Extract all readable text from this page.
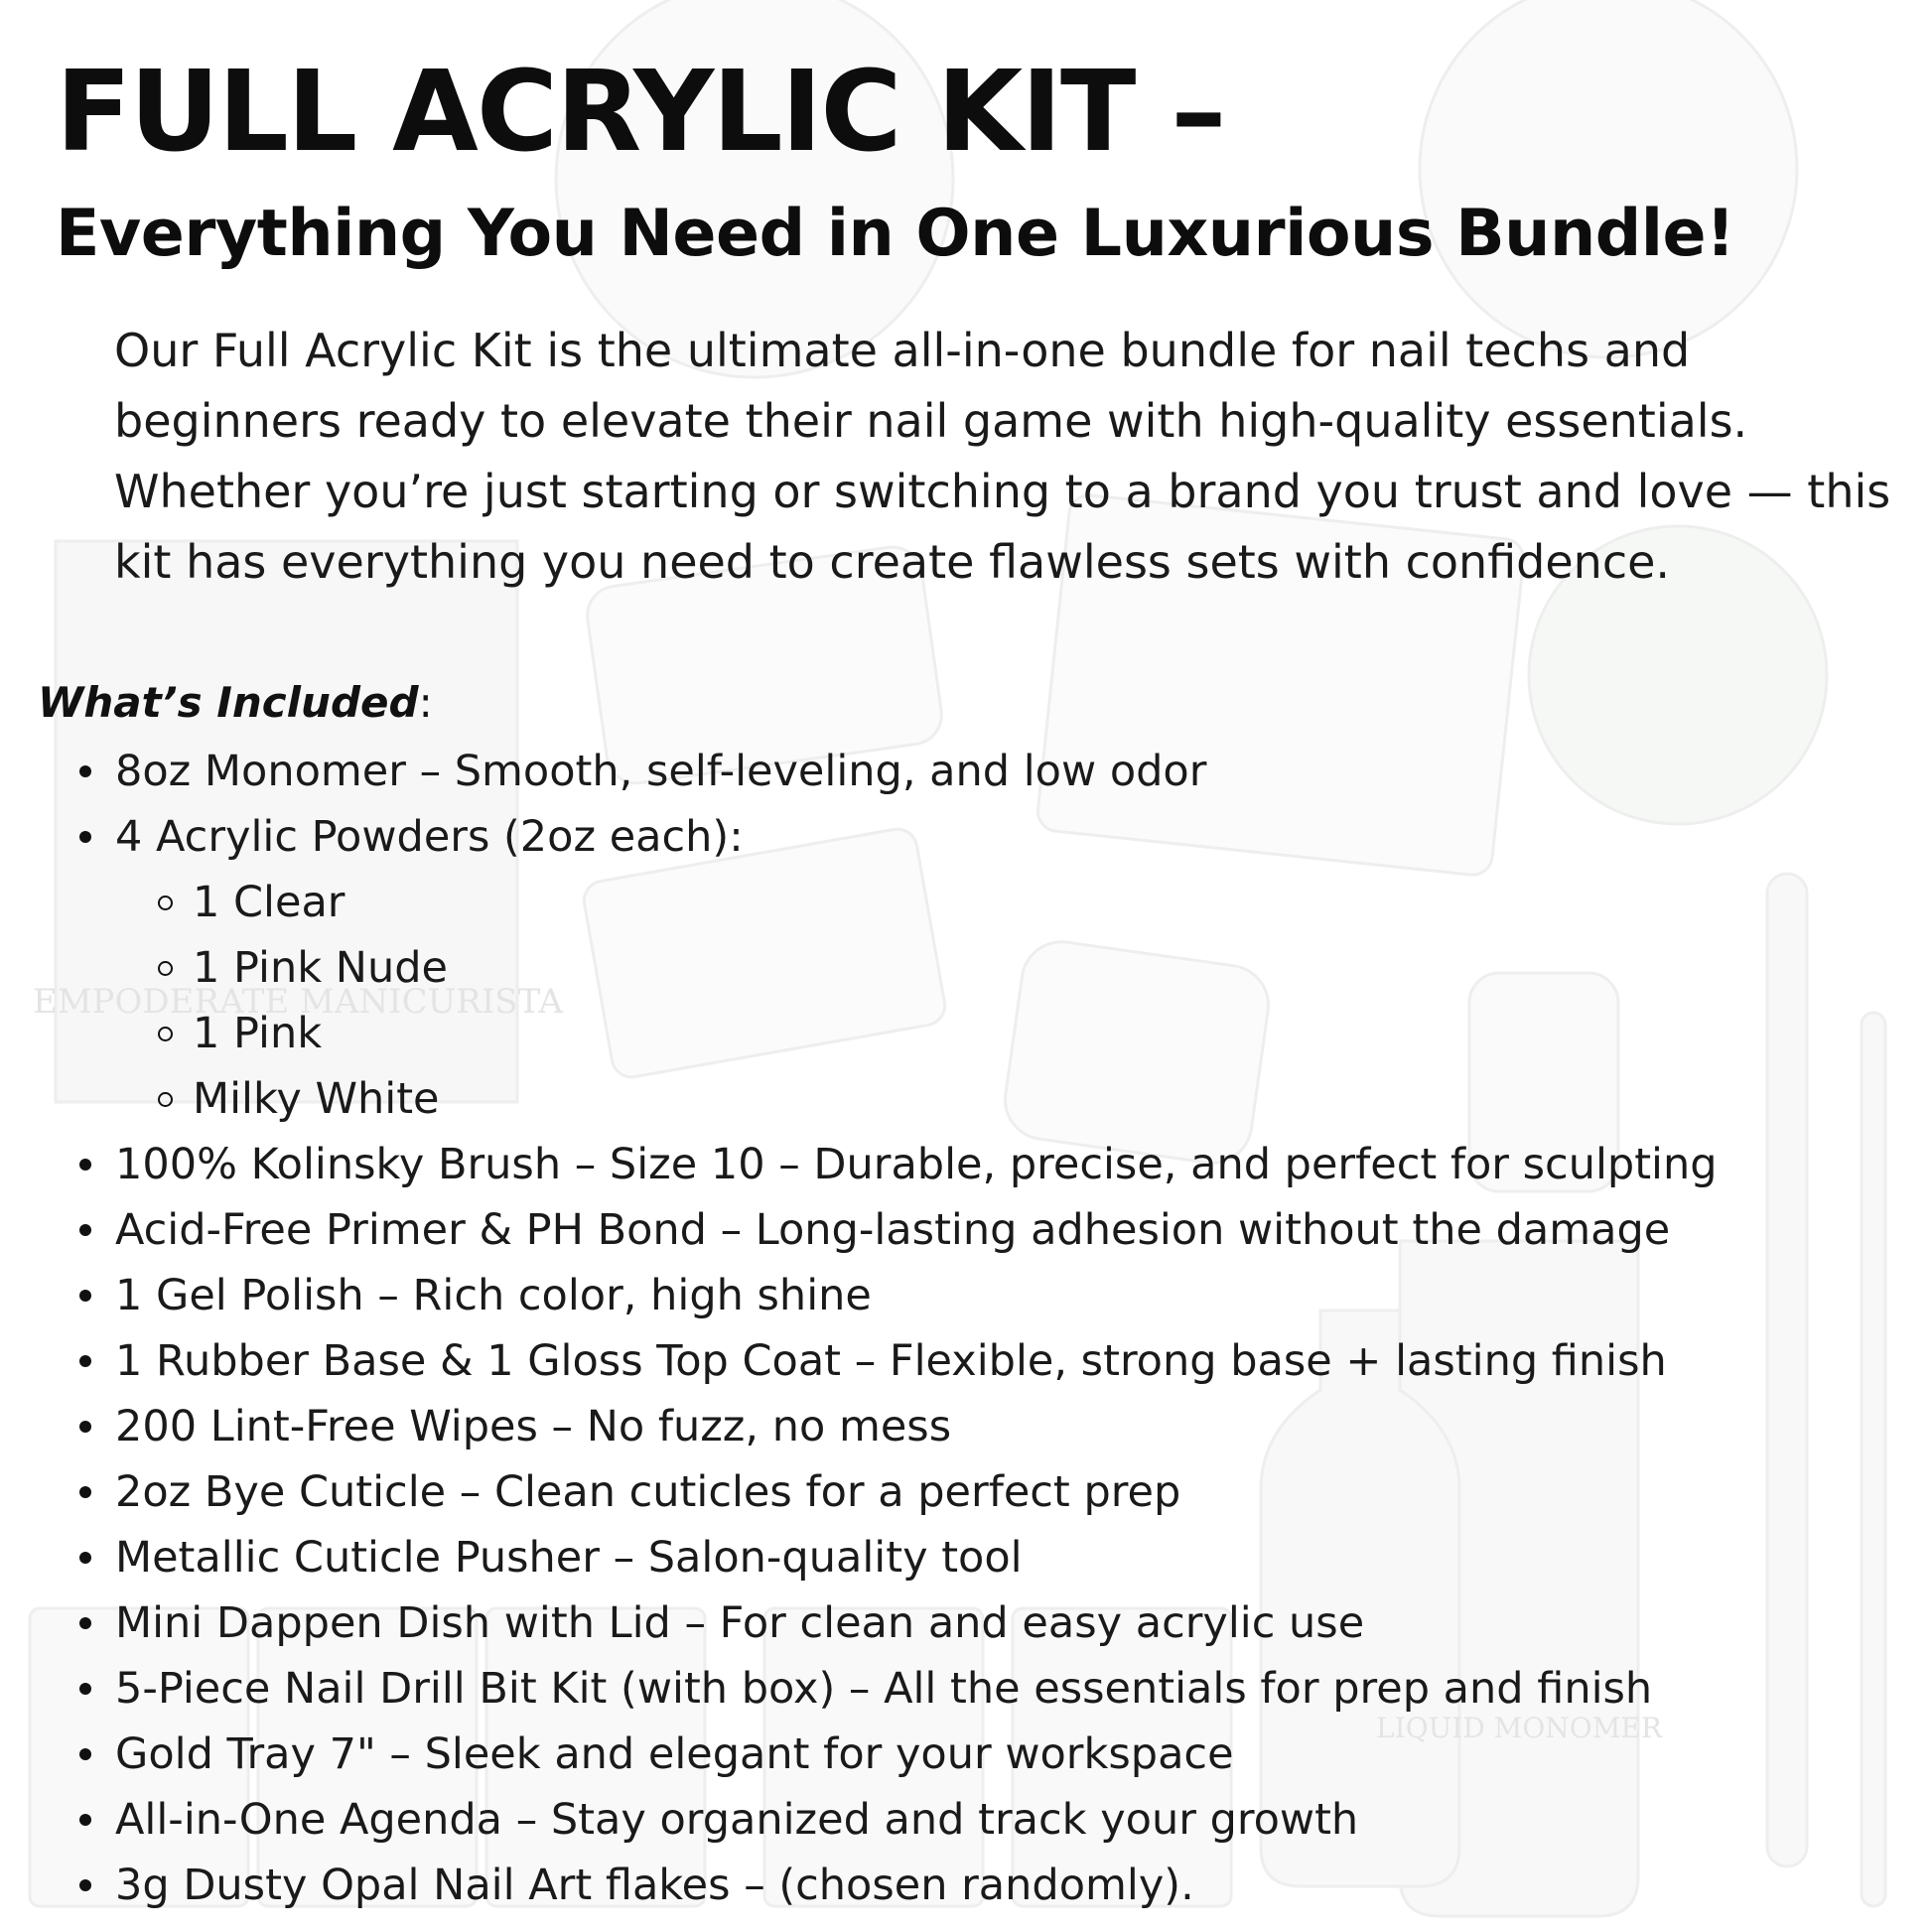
EMPODERATE MANICURISTA
LIQUID MONOMER
FULL ACRYLIC KIT –
Everything You Need in One Luxurious Bundle!

Our Full Acrylic Kit is the ultimate all-in-one bundle for nail techs and beginners ready to elevate their nail game with high-quality essentials. Whether you’re just starting or switching to a brand you trust and love — this kit has everything you need to create flawless sets with confidence.

What’s Included:

8oz Monomer – Smooth, self-leveling, and low odor
4 Acrylic Powders (2oz each):
1 Clear
1 Pink Nude
1 Pink
Milky White
100% Kolinsky Brush – Size 10 – Durable, precise, and perfect for sculpting
Acid-Free Primer & PH Bond – Long-lasting adhesion without the damage
1 Gel Polish – Rich color, high shine
1 Rubber Base & 1 Gloss Top Coat – Flexible, strong base + lasting finish
200 Lint-Free Wipes – No fuzz, no mess
2oz Bye Cuticle – Clean cuticles for a perfect prep
Metallic Cuticle Pusher – Salon-quality tool
Mini Dappen Dish with Lid – For clean and easy acrylic use
5-Piece Nail Drill Bit Kit (with box) – All the essentials for prep and finish
Gold Tray 7" – Sleek and elegant for your workspace
All-in-One Agenda – Stay organized and track your growth
3g Dusty Opal Nail Art flakes – (chosen randomly).
